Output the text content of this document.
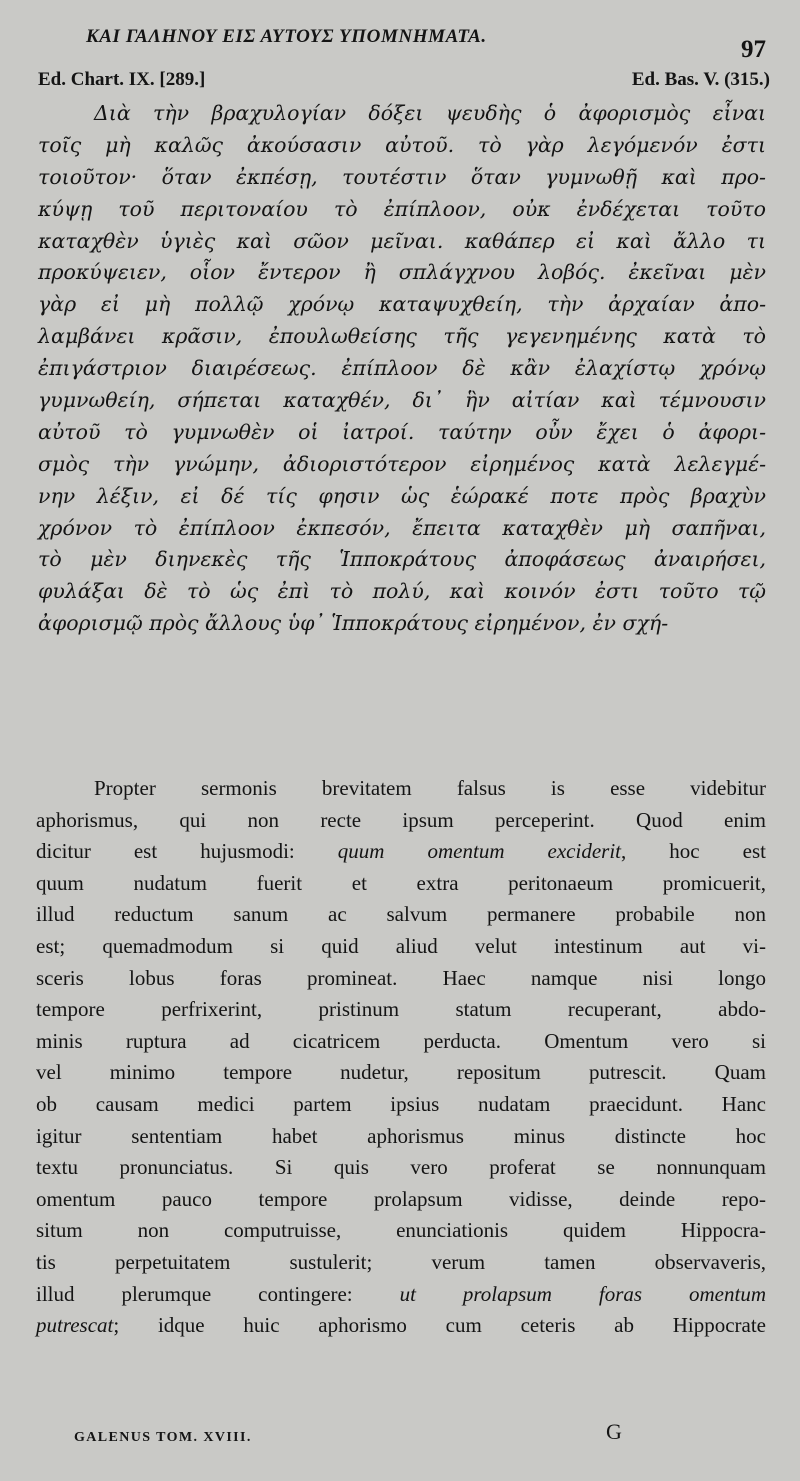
ΚΑΙ ΓΑΛΗΝΟΥ ΕΙΣ ΑΥΤΟΥΣ ΥΠΟΜΝΗΜΑΤΑ.	97
Ed. Chart. IX. [289.]	Ed. Bas. V. (315.)
Διὰ τὴν βραχυλογίαν δόξει ψευδὴς ὁ ἀφορισμὸς εἶναι
τοῖς μὴ καλῶς ἀκούσασιν αὐτοῦ. τὸ γὰρ λεγόμενόν ἐστι
τοιοῦτον· ὅταν ἐκπέσῃ, τουτέστιν ὅταν γυμνωθῇ καὶ προ-
κύψῃ τοῦ περιτοναίου τὸ ἐπίπλοον, οὐκ ἐνδέχεται τοῦτο
καταχθὲν ὑγιὲς καὶ σῶον μεῖναι. καθάπερ εἰ καὶ ἄλλο τι
προκύψειεν, οἷον ἔντερον ἢ σπλάγχνου λοβός. ἐκεῖναι μὲν
γὰρ εἰ μὴ πολλῷ χρόνῳ καταψυχθείη, τὴν ἀρχαίαν ἀπο-
λαμβάνει κρᾶσιν, ἐπουλωθείσης τῆς γεγενημένης κατὰ τὸ
ἐπιγάστριον διαιρέσεως. ἐπίπλοον δὲ κἂν ἐλαχίστῳ χρόνῳ
γυμνωθείη, σήπεται καταχθέν, δι᾽ ἣν αἰτίαν καὶ τέμνουσιν
αὐτοῦ τὸ γυμνωθὲν οἱ ἰατροί. ταύτην οὖν ἔχει ὁ ἀφορι-
σμὸς τὴν γνώμην, ἀδιοριστότερον εἰρημένος κατὰ λελεγμέ-
νην λέξιν, εἰ δέ τίς φησιν ὡς ἑώρακέ ποτε πρὸς βραχὺν
χρόνον τὸ ἐπίπλοον ἐκπεσόν, ἔπειτα καταχθὲν μὴ σαπῆναι,
τὸ μὲν διηνεκὲς τῆς Ἱπποκράτους ἀποφάσεως ἀναιρήσει,
φυλάξαι δὲ τὸ ὡς ἐπὶ τὸ πολύ, καὶ κοινόν ἐστι τοῦτο τῷ
ἀφορισμῷ πρὸς ἄλλους ὑφ᾽ Ἱπποκράτους εἰρημένον, ἐν σχή-
Propter sermonis brevitatem falsus is esse videbitur
aphorismus, qui non recte ipsum perceperint. Quod enim
dicitur est hujusmodi: quum omentum exciderit, hoc est
quum nudatum fuerit et extra peritonaeum promicuerit,
illud reductum sanum ac salvum permanere probabile non
est; quemadmodum si quid aliud velut intestinum aut vi-
sceris lobus foras promineat. Haec namque nisi longo
tempore perfrixerint, pristinum statum recuperant, abdo-
minis ruptura ad cicatricem perducta. Omentum vero si
vel minimo tempore nudetur, repositum putrescit. Quam
ob causam medici partem ipsius nudatam praecidunt. Hanc
igitur sententiam habet aphorismus minus distincte hoc
textu pronunciatus. Si quis vero proferat se nonnunquam
omentum pauco tempore prolapsum vidisse, deinde repo-
situm non computruisse, enunciationis quidem Hippocra-
tis perpetuitatem sustulerit; verum tamen observaveris,
illud plerumque contingere: ut prolapsum foras omentum
putrescat; idque huic aphorismo cum ceteris ab Hippocrate
GALENUS TOM. XVIII.	G
